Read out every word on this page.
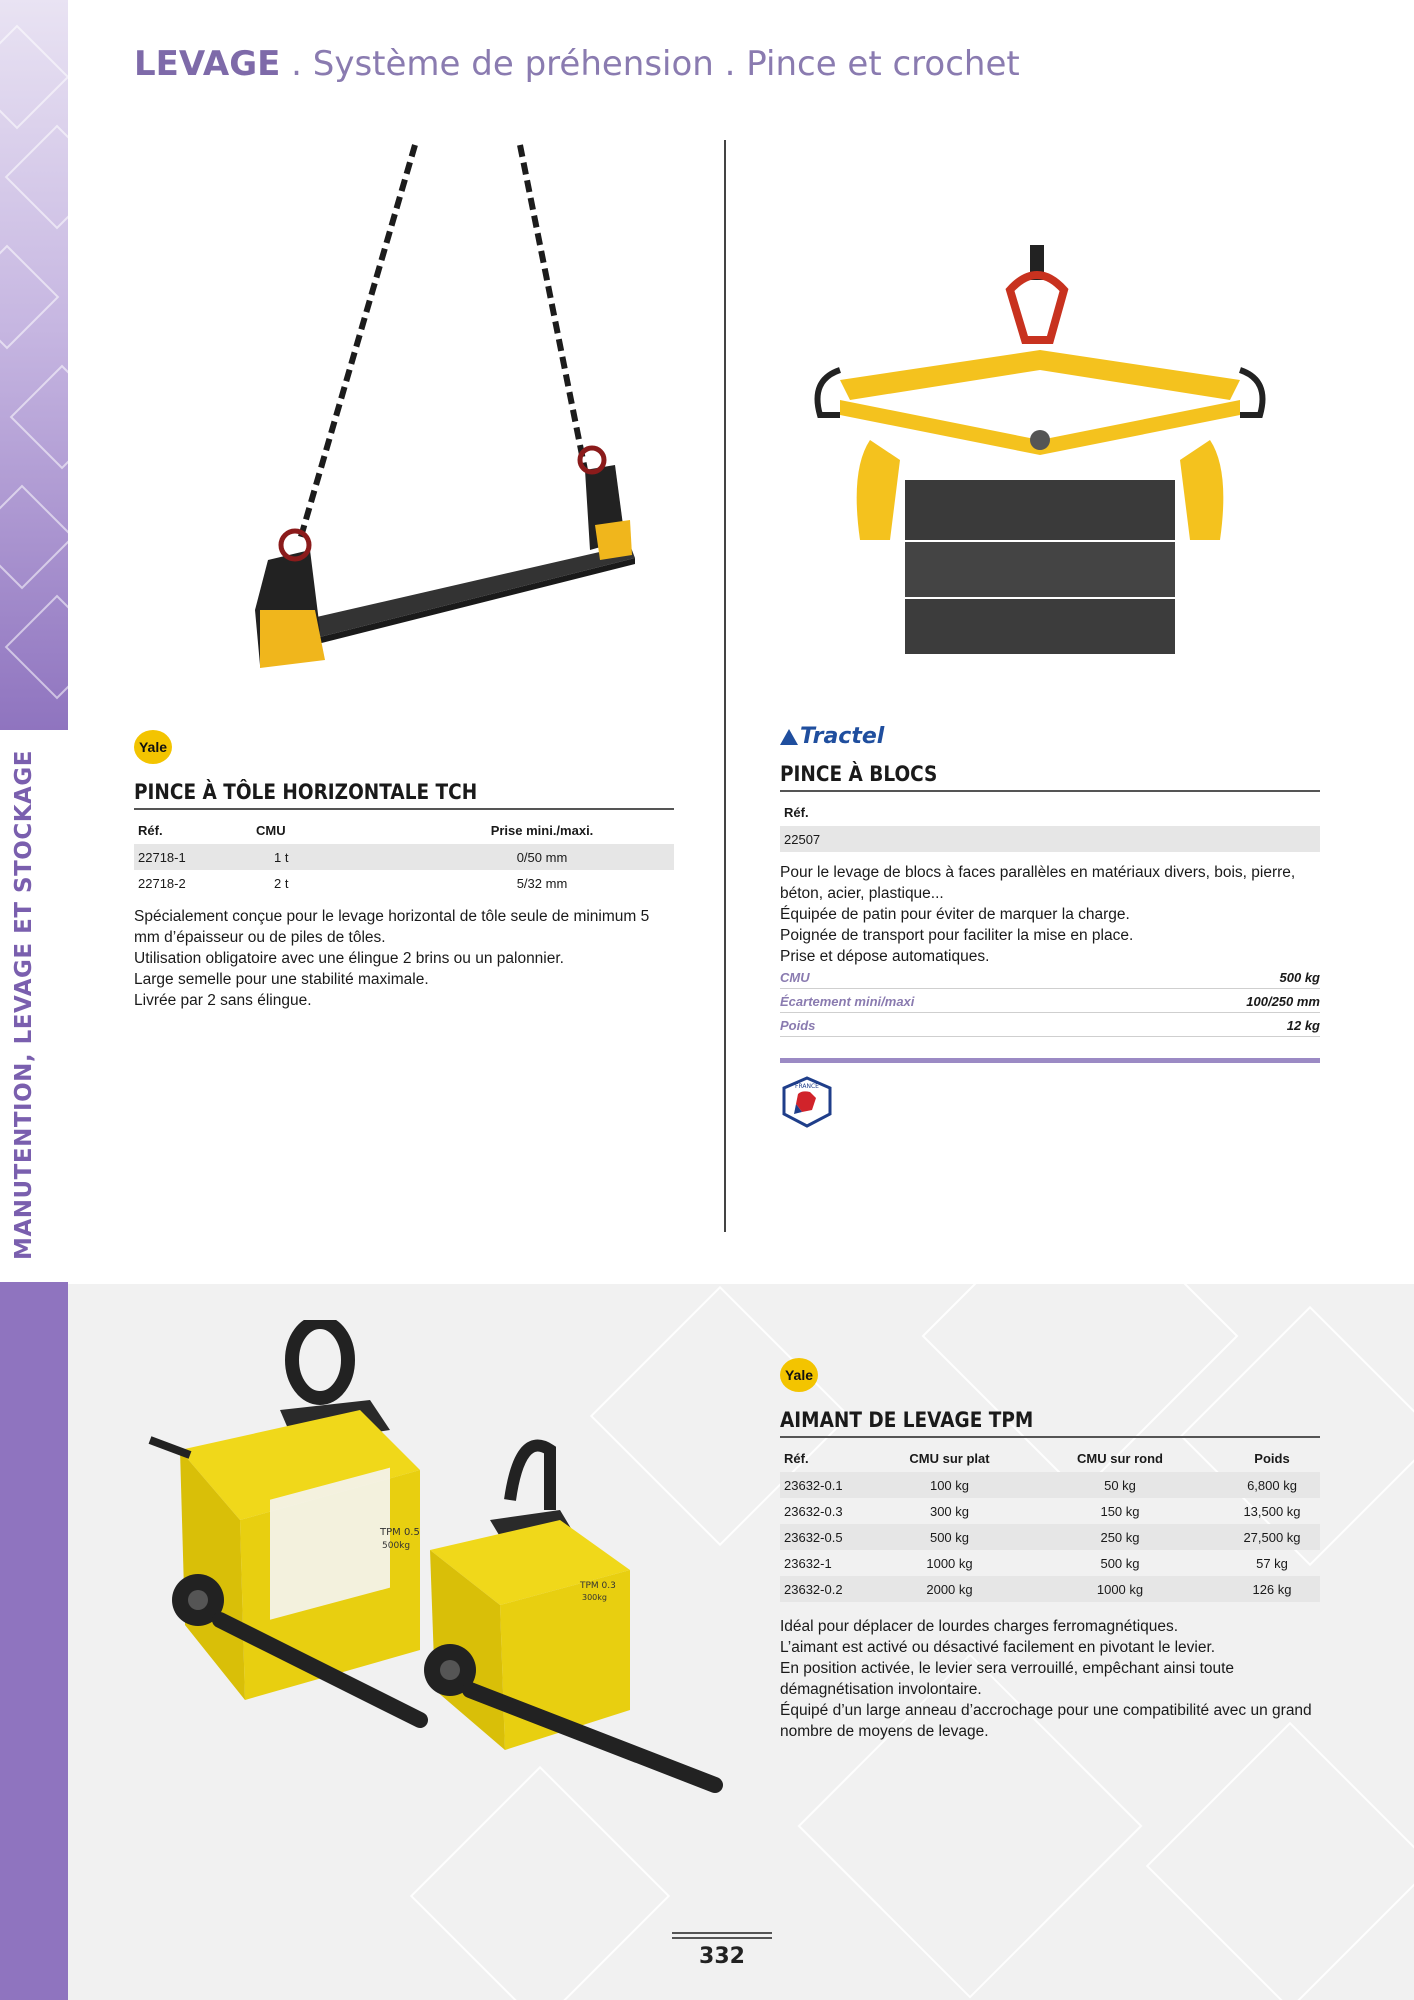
MANUTENTION, LEVAGE ET STOCKAGE
LEVAGE . Système de préhension . Pince et crochet
Yale
PINCE À TÔLE HORIZONTALE TCH
Réf.	CMU	Prise mini./maxi.
22718-1	1 t	0/50 mm
22718-2	2 t	5/32 mm

Spécialement conçue pour le levage horizontal de tôle seule de minimum 5 mm d’épaisseur ou de piles de tôles.

Utilisation obligatoire avec une élingue 2 brins ou un palonnier.

Large semelle pour une stabilité maximale.

Livrée par 2 sans élingue.

Tractel
PINCE À BLOCS
Réf.
22507

Pour le levage de blocs à faces parallèles en matériaux divers, bois, pierre, béton, acier, plastique...

Équipée de patin pour éviter de marquer la charge.

Poignée de transport pour faciliter la mise en place.

Prise et dépose automatiques.

CMU	500 kg
Écartement mini/maxi	100/250 mm
Poids	12 kg
FRANCE
TPM 0.5
500kg
TPM 0.3
300kg
Yale
AIMANT DE LEVAGE TPM
Réf.	CMU sur plat	CMU sur rond	Poids
23632-0.1	100 kg	50 kg	6,800 kg
23632-0.3	300 kg	150 kg	13,500 kg
23632-0.5	500 kg	250 kg	27,500 kg
23632-1	1000 kg	500 kg	57 kg
23632-0.2	2000 kg	1000 kg	126 kg

Idéal pour déplacer de lourdes charges ferromagnétiques.

L’aimant est activé ou désactivé facilement en pivotant le levier.

En position activée, le levier sera verrouillé, empêchant ainsi toute démagnétisation involontaire.

Équipé d’un large anneau d’accrochage pour une compatibilité avec un grand nombre de moyens de levage.

332
